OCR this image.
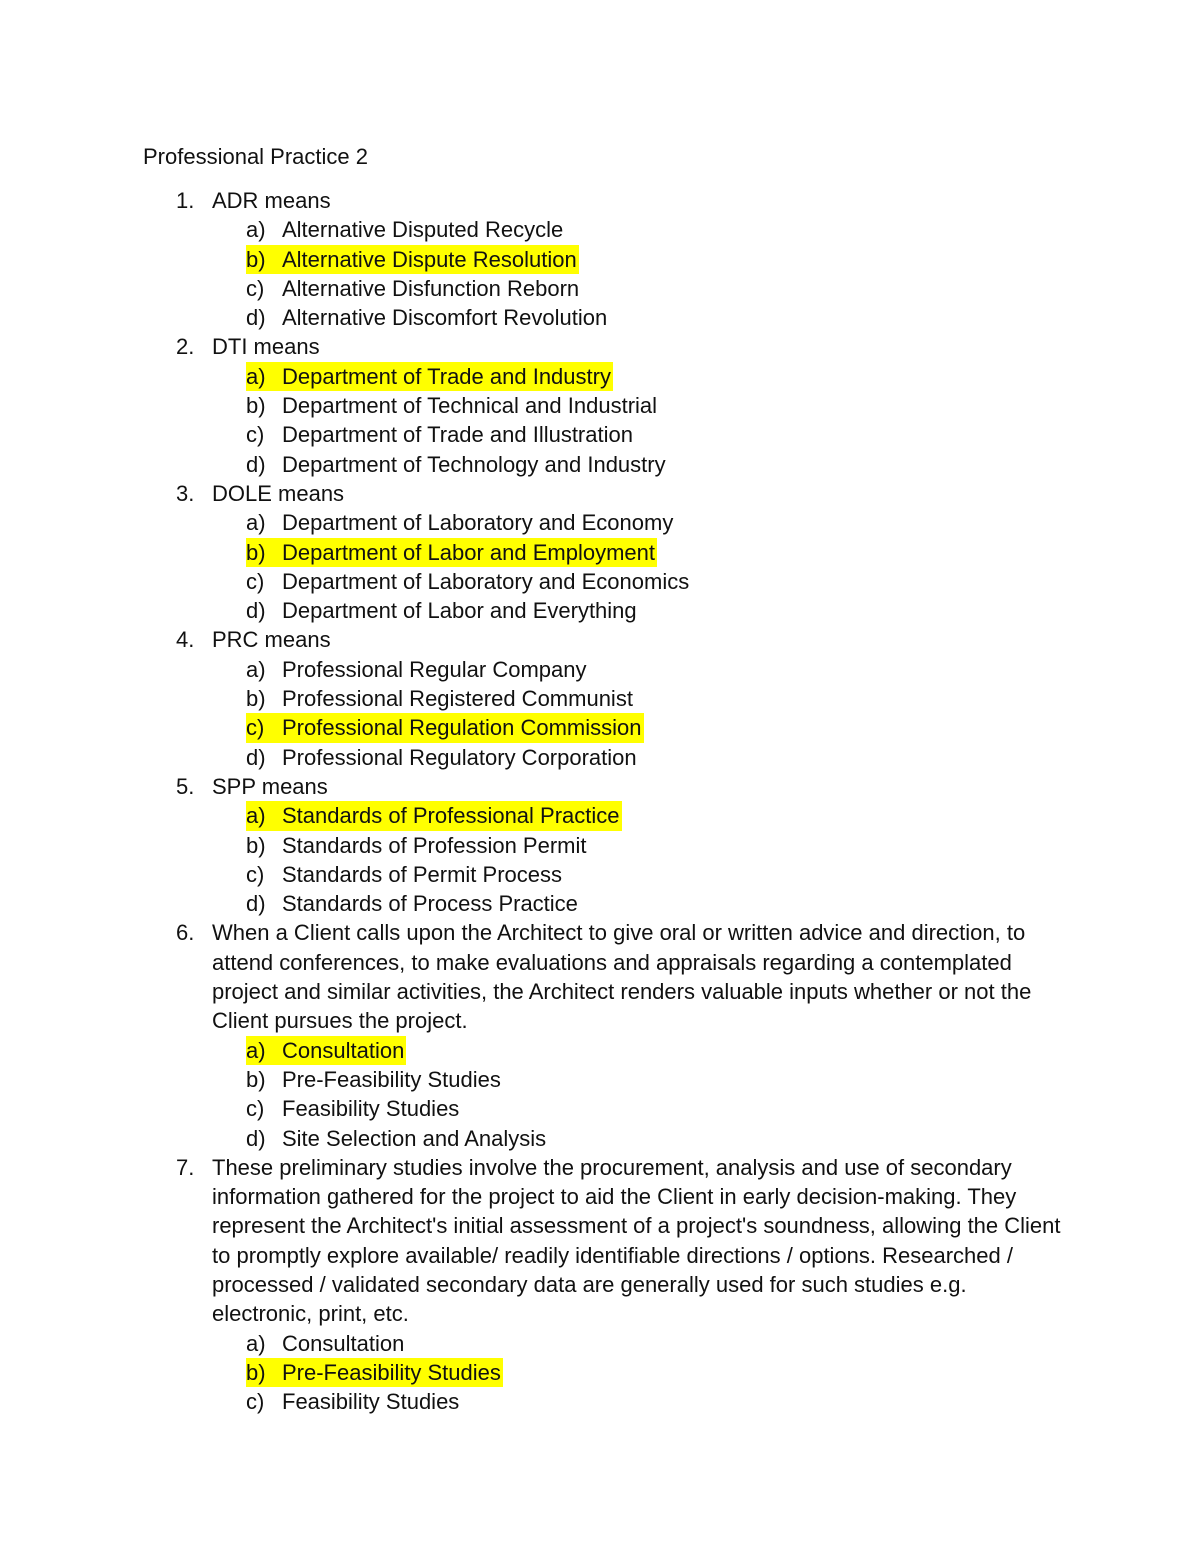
Professional Practice 2
1. ADR means
a) Alternative Disputed Recycle
b) Alternative Dispute Resolution
c) Alternative Disfunction Reborn
d) Alternative Discomfort Revolution
2. DTI means
a) Department of Trade and Industry
b) Department of Technical and Industrial
c) Department of Trade and Illustration
d) Department of Technology and Industry
3. DOLE means
a) Department of Laboratory and Economy
b) Department of Labor and Employment
c) Department of Laboratory and Economics
d) Department of Labor and Everything
4. PRC means
a) Professional Regular Company
b) Professional Registered Communist
c) Professional Regulation Commission
d) Professional Regulatory Corporation
5. SPP means
a) Standards of Professional Practice
b) Standards of Profession Permit
c) Standards of Permit Process
d) Standards of Process Practice
6. When a Client calls upon the Architect to give oral or written advice and direction, to attend conferences, to make evaluations and appraisals regarding a contemplated project and similar activities, the Architect renders valuable inputs whether or not the Client pursues the project.
a) Consultation
b) Pre-Feasibility Studies
c) Feasibility Studies
d) Site Selection and Analysis
7. These preliminary studies involve the procurement, analysis and use of secondary information gathered for the project to aid the Client in early decision-making. They represent the Architect's initial assessment of a project's soundness, allowing the Client to promptly explore available/ readily identifiable directions / options. Researched / processed / validated secondary data are generally used for such studies e.g. electronic, print, etc.
a) Consultation
b) Pre-Feasibility Studies
c) Feasibility Studies
